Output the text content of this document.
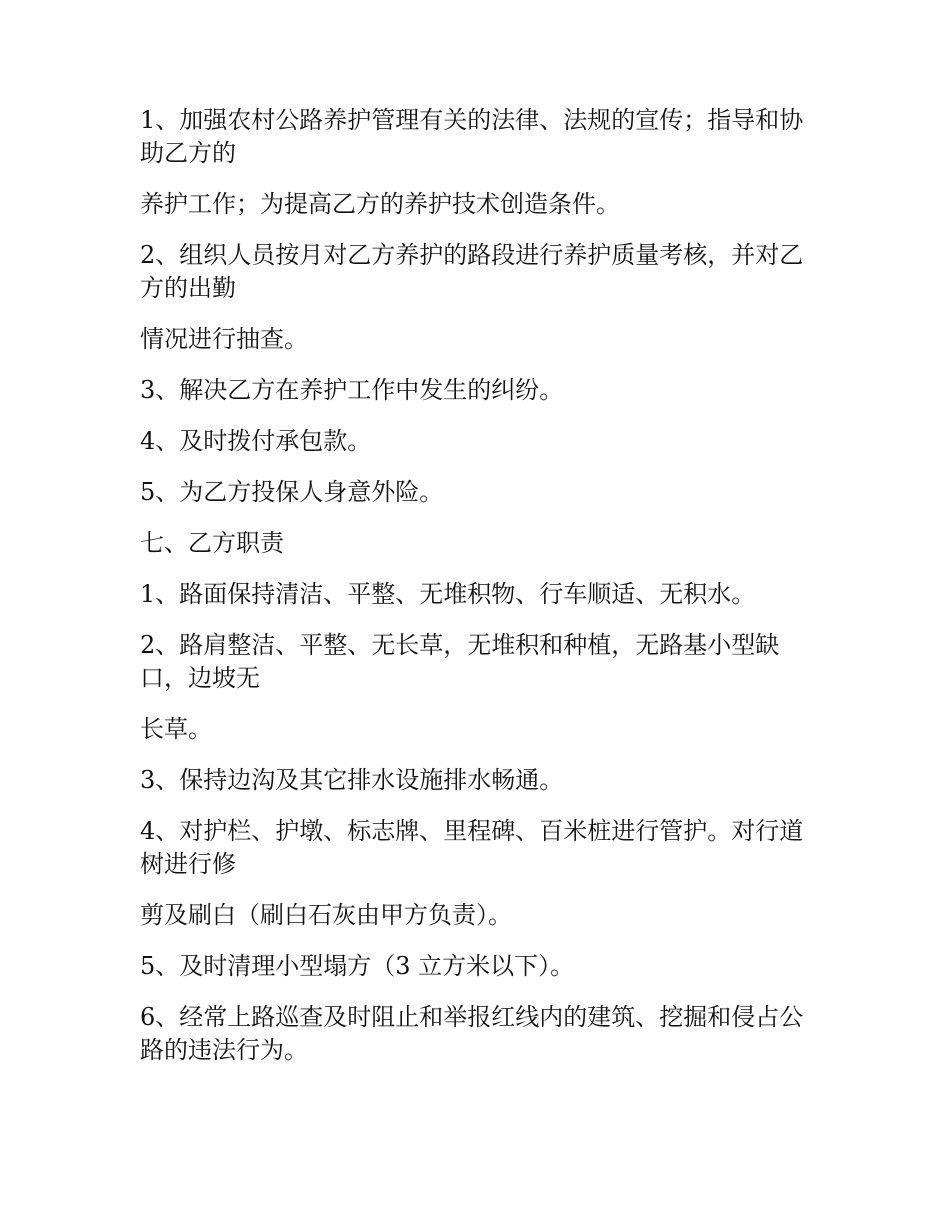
1、加强农村公路养护管理有关的法律、法规的宣传；指导和协助乙方的

养护工作；为提高乙方的养护技术创造条件。

2、组织人员按月对乙方养护的路段进行养护质量考核，并对乙方的出勤

情况进行抽查。

3、解决乙方在养护工作中发生的纠纷。

4、及时拨付承包款。

5、为乙方投保人身意外险。

七、乙方职责

1、路面保持清洁、平整、无堆积物、行车顺适、无积水。

2、路肩整洁、平整、无长草，无堆积和种植，无路基小型缺口，边坡无

长草。

3、保持边沟及其它排水设施排水畅通。

4、对护栏、护墩、标志牌、里程碑、百米桩进行管护。对行道树进行修

剪及刷白（刷白石灰由甲方负责）。

5、及时清理小型塌方（3 立方米以下）。

6、经常上路巡查及时阻止和举报红线内的建筑、挖掘和侵占公路的违法行为。
